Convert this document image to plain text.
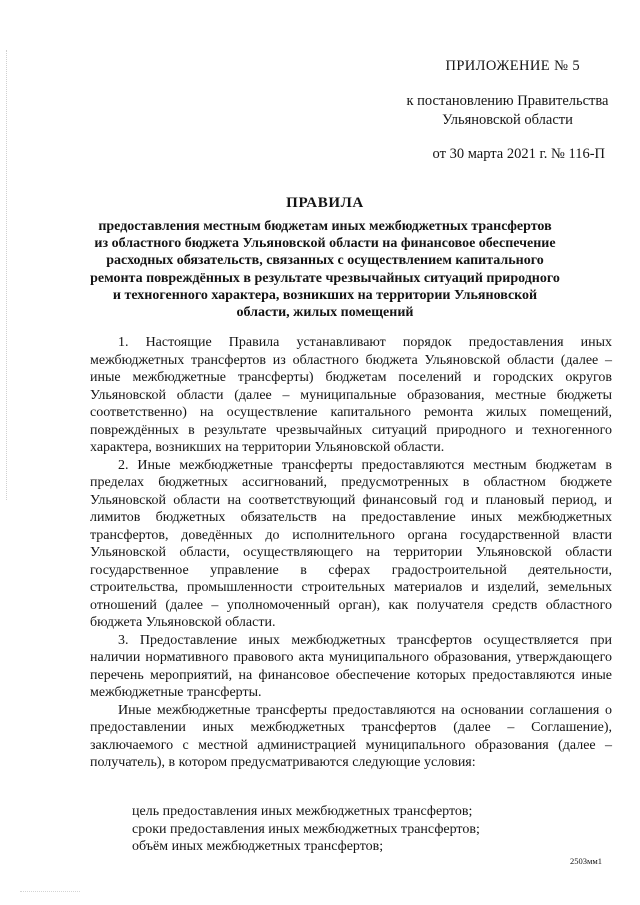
ПРИЛОЖЕНИЕ № 5
к постановлению Правительства
Ульяновской области
от 30 марта 2021 г. № 116-П
ПРАВИЛА
предоставления местным бюджетам иных межбюджетных трансфертов из областного бюджета Ульяновской области на финансовое обеспечение расходных обязательств, связанных с осуществлением капитального ремонта повреждённых в результате чрезвычайных ситуаций природного и техногенного характера, возникших на территории Ульяновской области, жилых помещений

1. Настоящие Правила устанавливают порядок предоставления иных межбюджетных трансфертов из областного бюджета Ульяновской области (далее – иные межбюджетные трансферты) бюджетам поселений и городских округов Ульяновской области (далее – муниципальные образования, местные бюджеты соответственно) на осуществление капитального ремонта жилых помещений, повреждённых в результате чрезвычайных ситуаций природного и техногенного характера, возникших на территории Ульяновской области.

2. Иные межбюджетные трансферты предоставляются местным бюджетам в пределах бюджетных ассигнований, предусмотренных в областном бюджете Ульяновской области на соответствующий финансовый год и плановый период, и лимитов бюджетных обязательств на предоставление иных межбюджетных трансфертов, доведённых до исполнительного органа государственной власти Ульяновской области, осуществляющего на территории Ульяновской области государственное управление в сферах градостроительной деятельности, строительства, промышленности строительных материалов и изделий, земельных отношений (далее – уполномоченный орган), как получателя средств областного бюджета Ульяновской области.

3. Предоставление иных межбюджетных трансфертов осуществляется при наличии нормативного правового акта муниципального образования, утверждающего перечень мероприятий, на финансовое обеспечение которых предоставляются иные межбюджетные трансферты.

Иные межбюджетные трансферты предоставляются на основании соглашения о предоставлении иных межбюджетных трансфертов (далее – Соглашение), заключаемого с местной администрацией муниципального образования (далее – получатель), в котором предусматриваются следующие условия:

цель предоставления иных межбюджетных трансфертов;
сроки предоставления иных межбюджетных трансфертов;
объём иных межбюджетных трансфертов;
2503мм1
